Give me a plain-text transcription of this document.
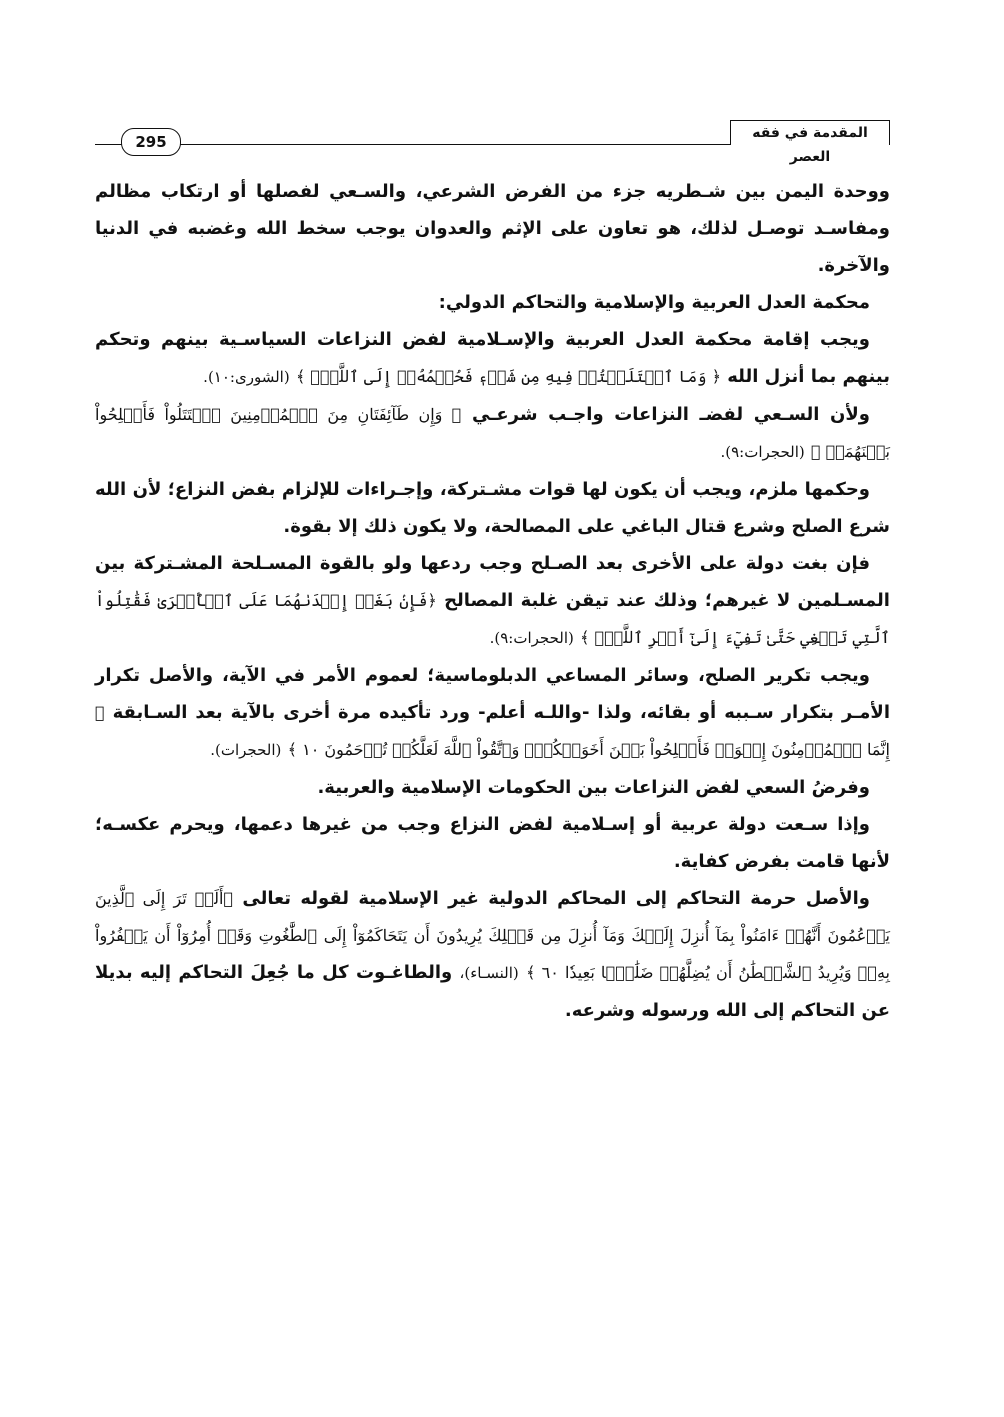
المقدمة في فقه العصر
295

ووحدة اليمن بين شـطريه جزء من الفرض الشرعي، والسـعي لفصلها أو ارتكاب مظالم ومفاسـد توصـل لذلك، هو تعاون على الإثم والعدوان يوجب سخط الله وغضبه في الدنيا والآخرة.

محكمة العدل العربية والإسلامية والتحاكم الدولي:

ويجب إقامة محكمة العدل العربية والإسـلامية لفض النزاعات السياسـية بينهم وتحكم بينهم بما أنزل الله ﴿ وَمَا ٱخۡتَلَفۡتُمۡ فِيهِ مِن شَيۡءٖ فَحُكۡمُهُۥٓ إِلَى ٱللَّهِۚ ﴾ (الشورى:١٠).

ولأن السـعي لفضـ النزاعات واجـب شرعـي ﴿ وَإِن طَآئِفَتَانِ مِنَ ٱلۡمُؤۡمِنِينَ ٱقۡتَتَلُواْ فَأَصۡلِحُواْ بَيۡنَهُمَاۖ ﴾ (الحجرات:٩).

وحكمها ملزم، ويجب أن يكون لها قوات مشـتركة، وإجـراءات للإلزام بفض النزاع؛ لأن الله شرع الصلح وشرع قتال الباغي على المصالحة، ولا يكون ذلك إلا بقوة.

فإن بغت دولة على الأخرى بعد الصـلح وجب ردعها ولو بالقوة المسـلحة المشـتركة بين المسـلمين لا غيرهم؛ وذلك عند تيقن غلبة المصالح ﴿فَإِنۢ بَغَتۡ إِحۡدَىٰهُمَا عَلَى ٱلۡأُخۡرَىٰ فَقَٰتِلُواْ ٱلَّتِي تَبۡغِي حَتَّىٰ تَفِيٓءَ إِلَىٰٓ أَمۡرِ ٱللَّهِۚ ﴾ (الحجرات:٩).

ويجب تكرير الصلح، وسائر المساعي الدبلوماسية؛ لعموم الأمر في الآية، والأصل تكرار الأمـر بتكرار سـببه أو بقائه، ولذا -واللـه أعلم- ورد تأكيده مرة أخرى بالآية بعد السـابقة ﴿ إِنَّمَا ٱلۡمُؤۡمِنُونَ إِخۡوَةٞ فَأَصۡلِحُواْ بَيۡنَ أَخَوَيۡكُمۡۚ وَٱتَّقُواْ ٱللَّهَ لَعَلَّكُمۡ تُرۡحَمُونَ ١٠ ﴾ (الحجرات).

وفرضُ السعي لفض النزاعات بين الحكومات الإسلامية والعربية.

وإذا سـعت دولة عربية أو إسـلامية لفض النزاع وجب من غيرها دعمها، ويحرم عكسـه؛ لأنها قامت بفرض كفاية.

والأصل حرمة التحاكم إلى المحاكم الدولية غير الإسلامية لقوله تعالى ﴿أَلَمۡ تَرَ إِلَى ٱلَّذِينَ يَزۡعُمُونَ أَنَّهُمۡ ءَامَنُواْ بِمَآ أُنزِلَ إِلَيۡكَ وَمَآ أُنزِلَ مِن قَبۡلِكَ يُرِيدُونَ أَن يَتَحَاكَمُوٓاْ إِلَى ٱلطَّٰغُوتِ وَقَدۡ أُمِرُوٓاْ أَن يَكۡفُرُواْ بِهِۦۖ وَيُرِيدُ ٱلشَّيۡطَٰنُ أَن يُضِلَّهُمۡ ضَلَٰلَۢا بَعِيدٗا ٦٠ ﴾ (النسـاء)، والطاغـوت كل ما جُعِلَ التحاكم إليه بديلا عن التحاكم إلى الله ورسوله وشرعه.
